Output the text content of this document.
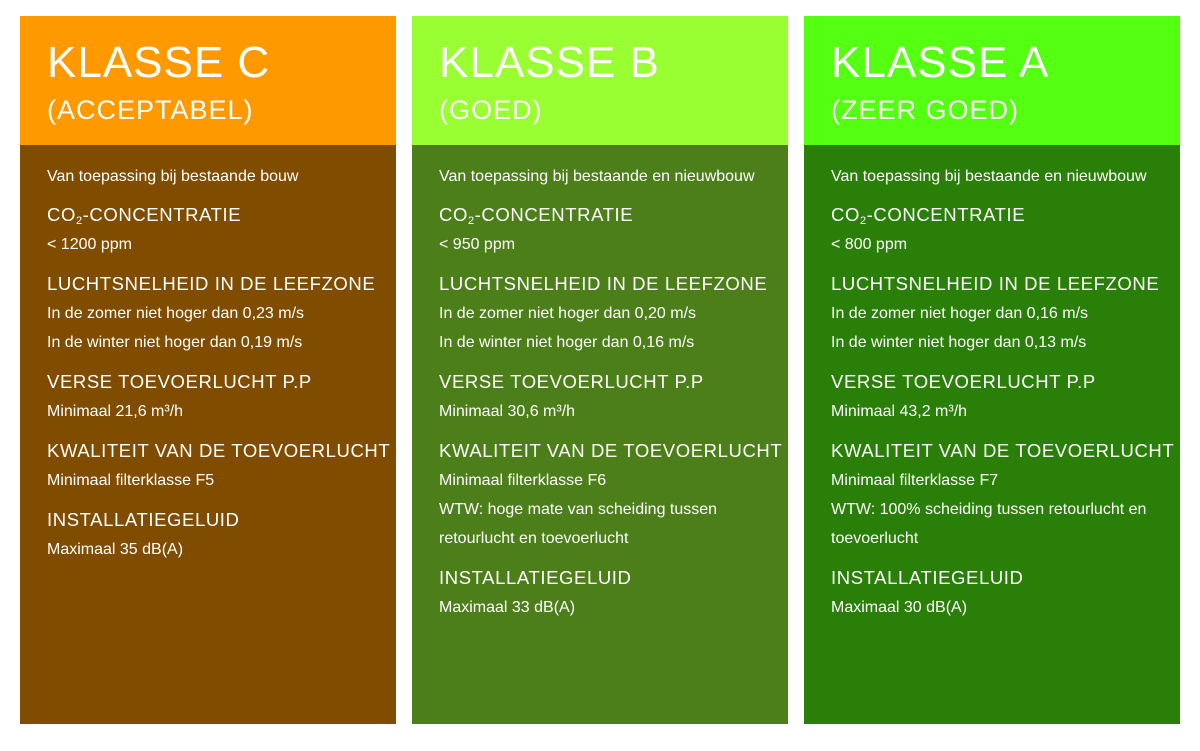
KLASSE C
(ACCEPTABEL)
Van toepassing bij bestaande bouw
$CO_2$-CONCENTRATIE
< 1200 ppm
LUCHTSNELHEID IN DE LEEFZONE
In de zomer niet hoger dan 0,23 m/s
In de winter niet hoger dan 0,19 m/s
VERSE TOEVOERLUCHT P.P
Minimaal 21,6 m³/h
KWALITEIT VAN DE TOEVOERLUCHT
Minimaal filterklasse F5
INSTALLATIEGELUID
Maximaal 35 dB(A)
KLASSE B
(GOED)
Van toepassing bij bestaande en nieuwbouw
$CO_2$-CONCENTRATIE
< 950 ppm
LUCHTSNELHEID IN DE LEEFZONE
In de zomer niet hoger dan 0,20 m/s
In de winter niet hoger dan 0,16 m/s
VERSE TOEVOERLUCHT P.P
Minimaal 30,6 m³/h
KWALITEIT VAN DE TOEVOERLUCHT
Minimaal filterklasse F6
WTW: hoge mate van scheiding tussen retourlucht en toevoerlucht
INSTALLATIEGELUID
Maximaal 33 dB(A)
KLASSE A
(ZEER GOED)
Van toepassing bij bestaande en nieuwbouw
$CO_2$-CONCENTRATIE
< 800 ppm
LUCHTSNELHEID IN DE LEEFZONE
In de zomer niet hoger dan 0,16 m/s
In de winter niet hoger dan 0,13 m/s
VERSE TOEVOERLUCHT P.P
Minimaal 43,2 m³/h
KWALITEIT VAN DE TOEVOERLUCHT
Minimaal filterklasse F7
WTW: 100% scheiding tussen retourlucht en toevoerlucht
INSTALLATIEGELUID
Maximaal 30 dB(A)
